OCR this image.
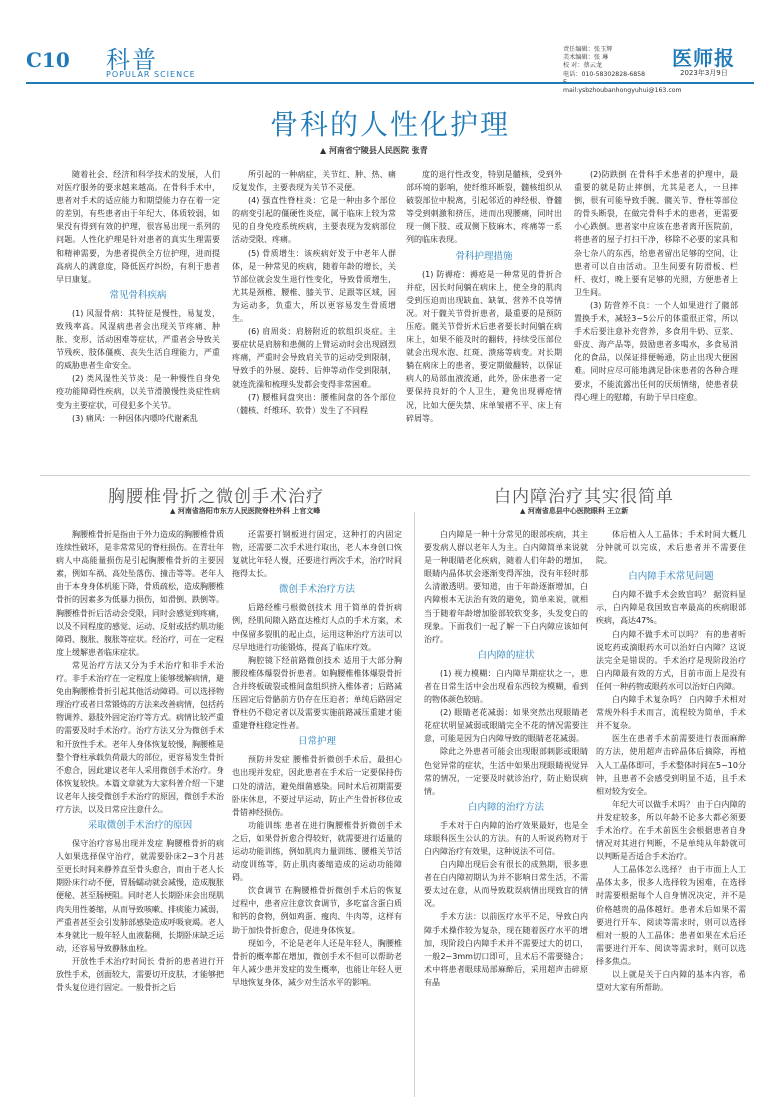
C10 科普
POPULAR SCIENCE
责任编辑：张玉辉
美术编辑：张 琳
校 对：蔡云龙
电话：010-58302828-6858
mail:ysbzhoubanhongyuhui@163.com
医师报
2023年3月9日
骨科的人性化护理
▲ 河南省宁陵县人民医院 张青

随着社会、经济和科学技术的发展，人们对医疗服务的要求越来越高。在骨科手术中，患者对手术的适应能力和期望能力存在着一定的差别，有些患者由于年纪大、体质较弱，如果没有得到有效的护理，很容易出现一系列的问题。人性化护理是针对患者的真实生理需要和精神需要，为患者提供全方位护理，进而提高病人的满意度，降低医疗纠纷，有利于患者早日康复。

常见骨科疾病

(1) 风湿骨病：其特征是慢性，易复发，致残率高。风湿病患者会出现关节疼痛、肿胀、变形、活动困难等症状，严重者会导致关节残疾、肢体僵痪、丧失生活自理能力，严重的威胁患者生命安全。

(2) 类风湿性关节炎：是一种慢性自身免疫功能障碍性疾病，以关节滑膜慢性炎症性病变为主要症状，可侵犯多个关节。

(3) 痛风：一种因体内嘌呤代谢紊乱

所引起的一种病症，关节红、肿、热、痛反复发作，主要表现为关节不灵便。

(4) 强直性脊柱炎：它是一种由多个部位的病变引起的僵硬性炎症，属于临床上较为常见的自身免疫系统疾病，主要表现为发病部位活动受限、疼痛。

(5) 骨质增生：该疾病好发于中老年人群体，是一种常见的疾病，随着年龄的增长，关节部位就会发生退行性变化，导致骨质增生，尤其是颈椎、腰椎、膝关节、足跟等区域，因为运动多，负重大，所以更容易发生骨质增生。

(6) 肩周炎：肩膀附近的软组织炎症。主要症状是肩膀和患侧的上臂运动时会出现剧烈疼痛，严重时会导致肩关节的运动受到限制，导致手的外展、旋转、后伸等动作受到限制，就连洗澡和梳理头发都会变得非常困难。

(7) 腰椎间盘突出：腰椎间盘的各个部位（髓核、纤维环、软骨）发生了不同程

度的退行性改变，特别是髓核，受到外部环境的影响，使纤维环断裂，髓核组织从破裂部位中脱离，引起邻近的神经根、脊髓等受到刺激和挤压，进而出现腰痛，同时出现一侧下肢、或双侧下肢麻木、疼痛等一系列的临床表现。

骨科护理措施

(1) 防褥疮：褥疮是一种常见的骨折合并症，因长时间躺在病床上，使全身的肌肉受到压迫而出现缺血、缺氧、营养不良等情况。对于髋关节骨折患者，最重要的是预防压疮。髋关节骨折术后患者要长时间躺在病床上，如果不能及时的翻转，持续受压部位就会出现水泡、红斑、溃疡等病变。对长期躺在病床上的患者，要定期做翻转，以保证病人的局部血液流通，此外，卧床患者一定要保持良好的个人卫生，避免出现褥疮情况，比如大便失禁、床单皱褶不平、床上有碎屑等。

(2)防跌倒 在骨科手术患者的护理中，最重要的就是防止摔倒，尤其是老人，一旦摔倒，很有可能导致手腕、髋关节、脊柱等部位的骨头断裂，在做完骨科手术的患者，更需要小心跌倒。患者家中应该在患者离开医院前，将患者的屋子打扫干净，移除不必要的家具和杂七杂八的东西，给患者留出足够的空间，让患者可以自由活动。卫生间要有防滑板、栏杆、夜灯，晚上要有足够的光照，方便患者上卫生间。

(3) 防营养不良：一个人如果进行了髋部置换手术，减轻3~5公斤的体重很正常，所以手术后要注意补充营养，多食用牛奶、豆浆、虾皮、海产品等，鼓励患者多喝水，多食易消化的食品，以保证排便畅通，防止出现大便困难。同时应尽可能地满足卧床患者的各种合理要求，不能流露出任何的厌烦情绪，使患者获得心理上的慰藉，有助于早日痊愈。

胸腰椎骨折之微创手术治疗
▲ 河南省洛阳市东方人民医院脊柱外科 上官文峰
白内障治疗其实很简单
▲ 河南省息县中心医院眼科 王立新

胸腰椎骨折是指由于外力造成的胸腰椎骨质连续性破坏，是非常常见的脊柱损伤。在青壮年病人中高能量损伤是引起胸腰椎骨折的主要因素，例如车祸、高处坠落伤、撞击等等。老年人由于本身身体机能下降，骨质疏松，造成胸腰椎骨折的因素多为低暴力损伤，如滑倒、跌倒等。胸腰椎骨折后活动会受限，同时会感觉到疼痛，以及不同程度的感觉、运动、反射或括约肌功能障碍、腹胀、腹胀等症状。经治疗，可在一定程度上缓解患者临床症状。

常见治疗方法又分为手术治疗和非手术治疗。非手术治疗在一定程度上能够缓解病情，避免由胸腰椎骨折引起其他活动障碍。可以选择物理治疗或者日常锻炼的方法来改善病情，包括药物调养、悬肢外固定治疗等方式。病情比较严重的需要及时手术治疗。治疗方法又分为微创手术和开放性手术。老年人身体恢复较慢，胸腰椎是整个脊柱承载负荷最大的部位，更容易发生骨折不愈合，因此建议老年人采用微创手术治疗。身体恢复较快。本篇文章就为大家科普介绍一下建议老年人接受微创手术治疗的原因，微创手术治疗方法，以及日常应注意什么。

采取微创手术治疗的原因

保守治疗容易出现并发症 胸腰椎骨折的病人如果选择保守治疗，就需要卧床2~3个月甚至更长时间来静养直至骨头愈合，而由于老人长期卧床行动不便，胃肠蠕动就会减慢，造成腹胀便秘、甚至肠梗阻。同时老人长期卧床会出现肌肉失用性萎缩，从而导致咳嗽、排痰能力减弱，严重者甚至会引发肺部感染造成呼吸衰竭。老人本身就比一般年轻人血液黏稠，长期卧床缺乏运动，还容易导致静脉血栓。

开放性手术治疗时间长 骨折的患者进行开放性手术，创面较大，需要切开皮肤，才能够把骨头复位进行固定。一般骨折之后

还需要打钢板进行固定，这种打的内固定物，还需要二次手术进行取出，老人本身创口恢复就比年轻人慢，还要进行两次手术，治疗时间拖得太长。

微创手术治疗方法

后路经椎弓根微创技术 用于简单的骨折病例，经肌间隙入路直达椎灯人点的手术方案，术中保留多裂肌的起止点，运用这种治疗方法可以尽早地进行功能锻炼，提高了临床疗效。

胸腔镜下经前路微创技术 适用于大部分胸腰段椎体爆裂骨折患者。如胸腰椎椎体爆裂骨折合并终板破裂或椎间盘组织挤入椎体者；后路减压固定后骨骼前方仍存在压迫者；单纯后路固定脊柱仍不稳定者以及需要实施前路减压重建才能重建脊柱稳定性者。

日常护理

预防并发症 腰椎骨折微创手术后，最担心也出现并发症，因此患者在手术后一定要保持伤口处的清洁，避免细菌感染。同时术后初期需要卧床休息，不要过早运动，防止产生骨折移位或骨错神经损伤。

功能训练 患者在进行胸腰椎骨折微创手术之后，如果骨折愈合得较好，就需要进行适量的运动功能训练，例如肌肉力量训练、腰椎关节活动度训练等，防止肌肉萎缩造成的运动功能障碍。

饮食调节 在胸腰椎骨折微创手术后的恢复过程中，患者应注意饮食调节，多吃富含蛋白质和钙的食物，例如鸡蛋、瘦肉、牛肉等，这样有助于加快骨折愈合，促进身体恢复。

现如今，不论是老年人还是年轻人，胸腰椎骨折的概率都在增加，微创手术不但可以帮助老年人减少患并发症的发生概率，也能让年轻人更早地恢复身体，减少对生活水平的影响。

白内障是一种十分常见的眼部疾病，其主要发病人群以老年人为主。白内障简单来说就是一种眼睛老化疾病，随着人们年龄的增加，眼睛内晶体状会逐渐变得浑浊，没有年轻时那么清澈透明。要知道，由于年龄逐渐增加，白内障根本无法治有效的避免，简单来说，就相当于随着年龄增加脸部较软变多，头发变白的现象。下面我们一起了解一下白内障应该如何治疗。

白内障的症状

(1) 视力模糊：白内障早期症状之一，患者在日常生活中会出现看东西较为模糊，看到的物体颜色较暗。

(2) 眼睛老花减弱：如果突然出现眼睛老花症状明显减弱或眼睛完全不花的情况需要注意，可能是因为白内障导致的眼睛老花减弱。

除此之外患者可能会出现眼部刺影或眼睛色觉异常的症状，生活中如果出现眼睛视觉异常的情况，一定要及时就诊治疗，防止贻误病情。

白内障的治疗方法

手术对于白内障的治疗效果最好，也是全球眼科医生公认的方法。有的人听说药物对于白内障治疗有效果，这种说法不可信。

白内障出现后会有很长的成熟期，很多患者在白内障初期认为并不影响日常生活，不需要太过在意，从而导致耽误病情出现致盲的情况。

手术方法：以前医疗水平不足，导致白内障手术操作较为复杂，现在随着医疗水平的增加，现阶段白内障手术并不需要过大的切口，一般2~3mm切口即可，且术后不需要缝合；术中将患者眼球局部麻醉后，采用超声击碎原有晶

体后植入人工晶体；手术时间大概几分钟就可以完成，术后患者并不需要住院。

白内障手术常见问题

白内障不做手术会致盲吗？ 据资料显示，白内障是我国致盲率最高的疾病眼部疾病，高达47%。

白内障不做手术可以吗？ 有的患者听说吃药或滴眼药水可以治好白内障？这说法完全是错误的。手术治疗是现阶段治疗白内障最有效的方式，目前市面上是没有任何一种药物或眼药水可以治好白内障。

白内障手术复杂吗？ 白内障手术相对常规外科手术而言，流程较为简单，手术并不复杂。

医生在患者手术前需要进行表面麻醉的方法，使用超声击碎晶体后摘除，再植入人工晶体即可，手术整体时间在5~10分钟，且患者不会感受到明显不适，且手术相对较为安全。

年纪大可以做手术吗？ 由于白内障的并发症较多，所以年龄不论多大都必须要手术治疗。在手术前医生会根据患者自身情况对其进行判断，不是单纯从年龄就可以判断是否适合手术治疗。

人工晶体怎么选择？ 由于市面上人工晶体太多，很多人选择较为困难，在选择时需要根据每个人自身情况决定，并不是价格越贵的晶体越好。患者术后如果不需要进行开车、阅读等需求时，则可以选择相对一般的人工晶体；患者如果在术后还需要进行开车、阅读等需求时，则可以选择多焦点。

以上就是关于白内障的基本内容，希望对大家有所帮助。
